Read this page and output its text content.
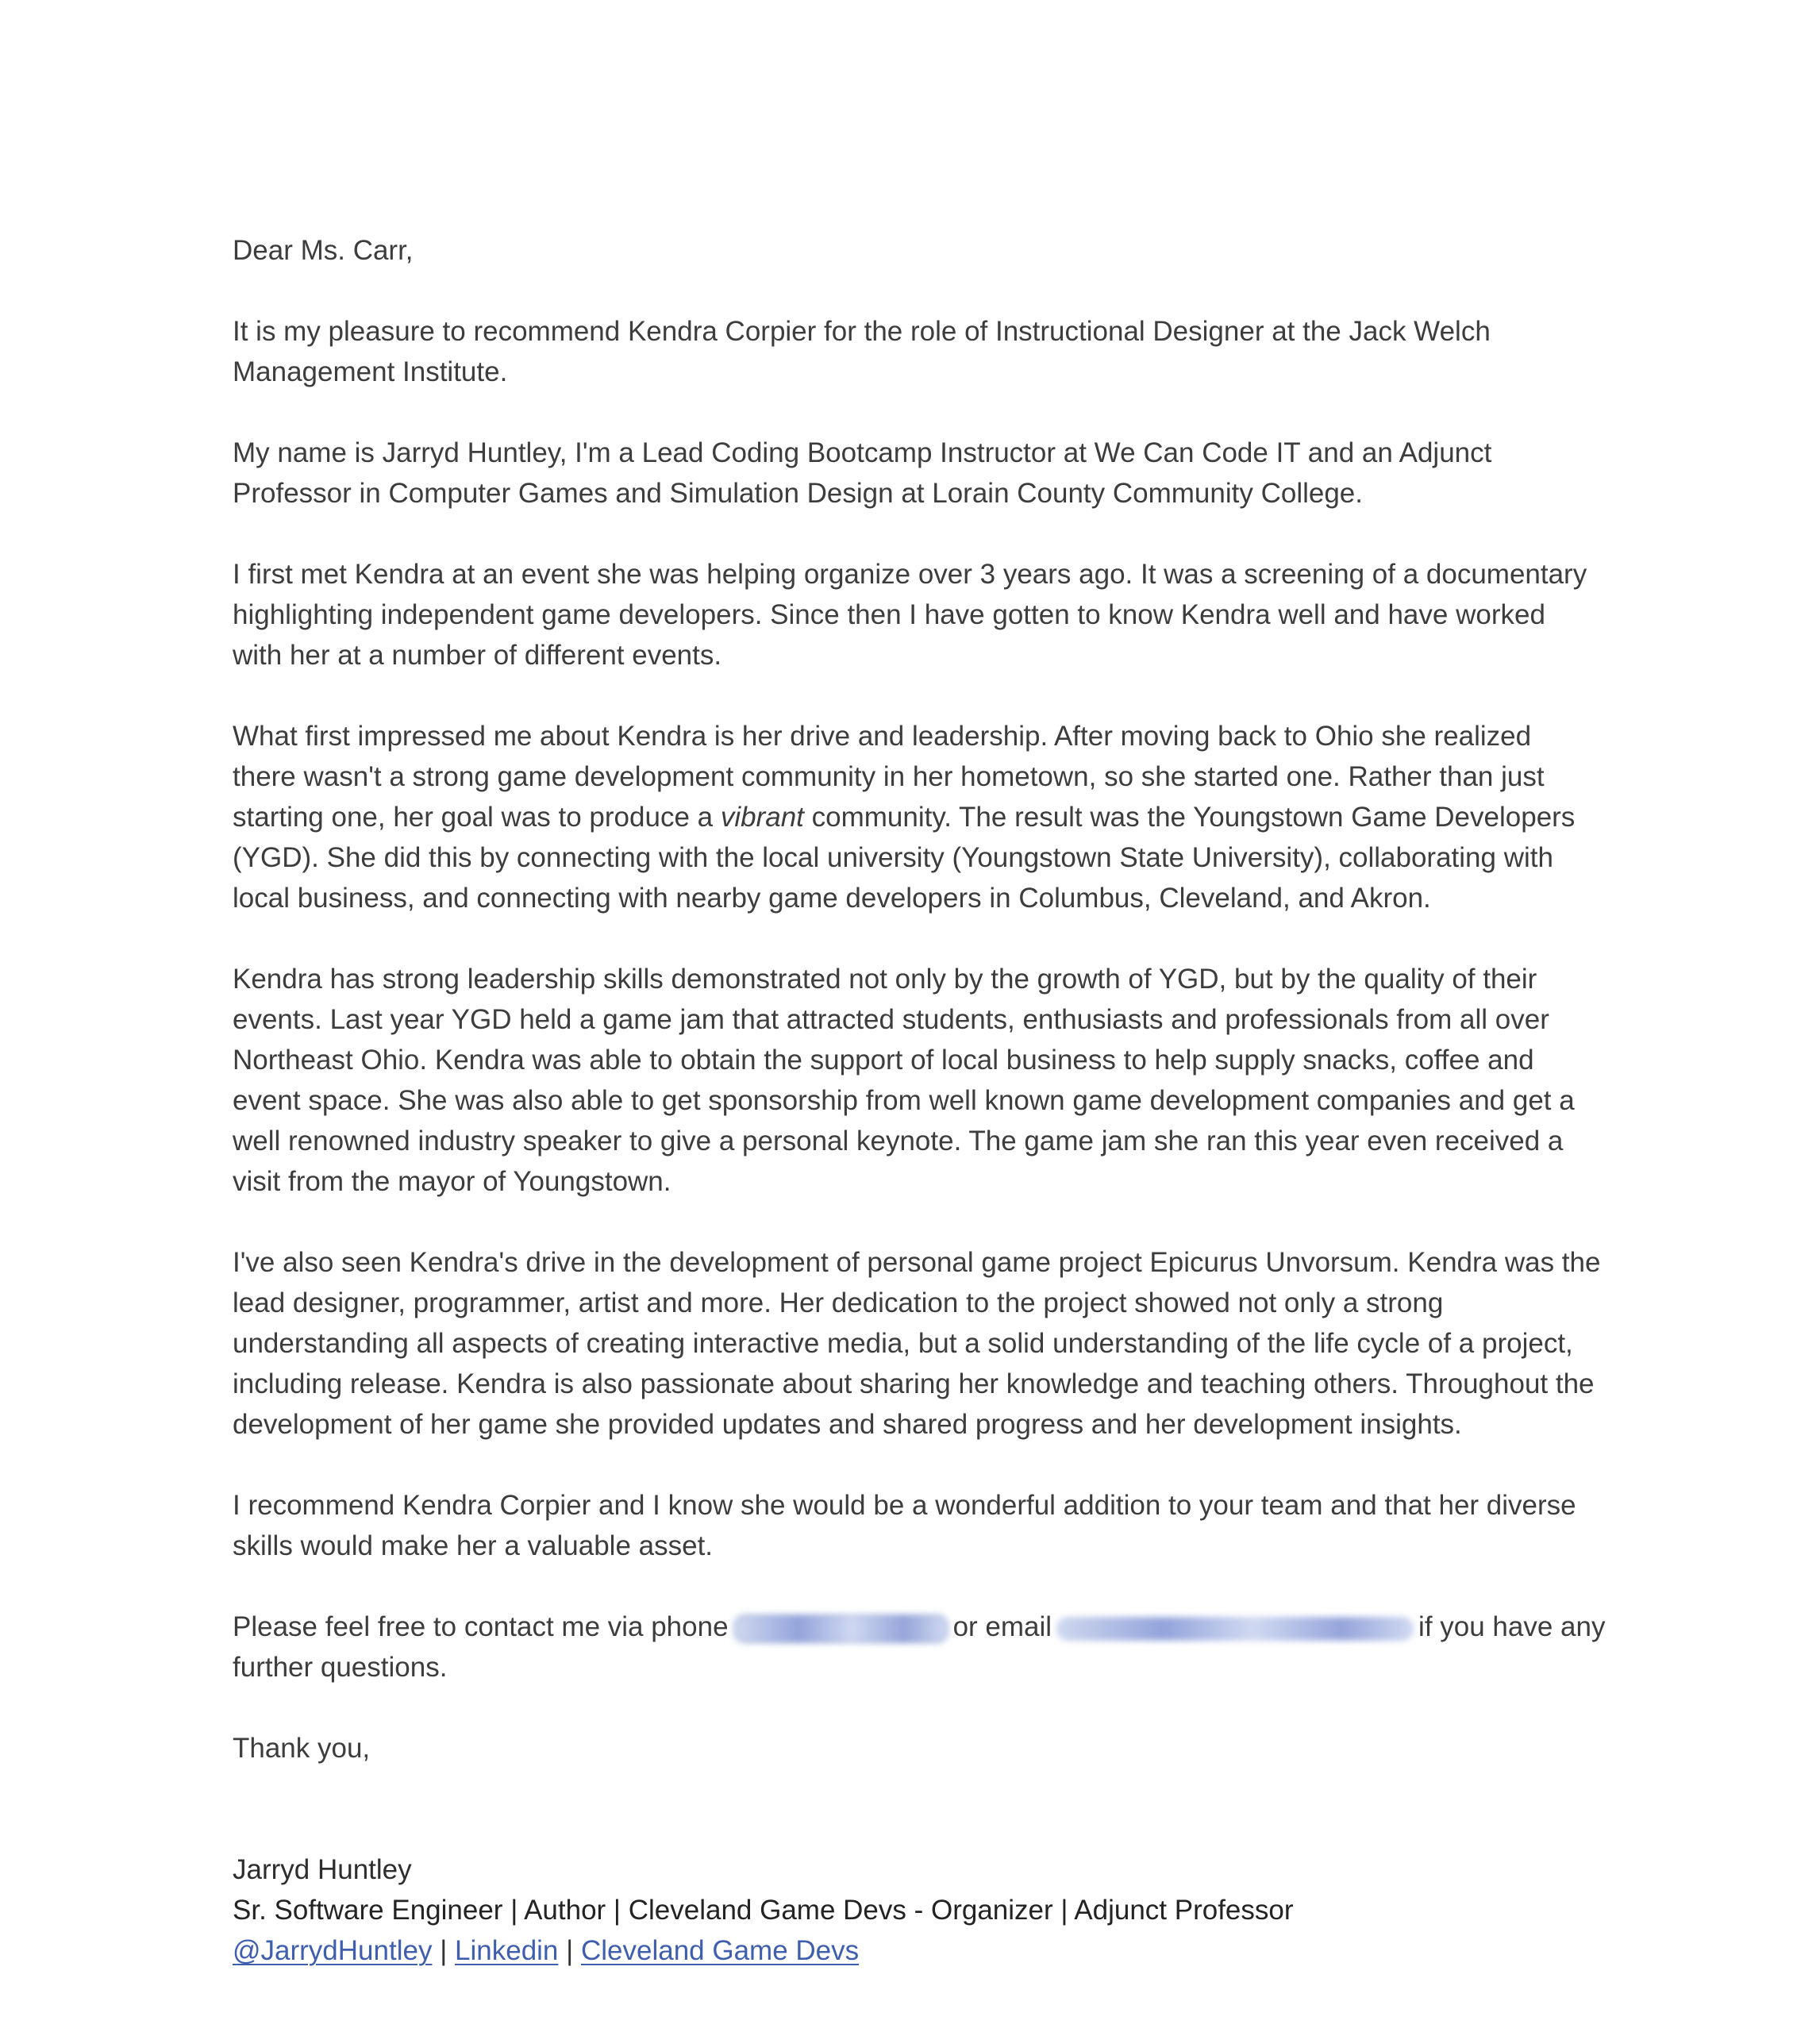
Dear Ms. Carr,

It is my pleasure to recommend Kendra Corpier for the role of Instructional Designer at the Jack Welch
Management Institute.

My name is Jarryd Huntley, I'm a Lead Coding Bootcamp Instructor at We Can Code IT and an Adjunct
Professor in Computer Games and Simulation Design at Lorain County Community College.

I first met Kendra at an event she was helping organize over 3 years ago. It was a screening of a documentary
highlighting independent game developers. Since then I have gotten to know Kendra well and have worked
with her at a number of different events.

What first impressed me about Kendra is her drive and leadership. After moving back to Ohio she realized
there wasn't a strong game development community in her hometown, so she started one. Rather than just
starting one, her goal was to produce a vibrant community. The result was the Youngstown Game Developers
(YGD). She did this by connecting with the local university (Youngstown State University), collaborating with
local business, and connecting with nearby game developers in Columbus, Cleveland, and Akron.

Kendra has strong leadership skills demonstrated not only by the growth of YGD, but by the quality of their
events. Last year YGD held a game jam that attracted students, enthusiasts and professionals from all over
Northeast Ohio. Kendra was able to obtain the support of local business to help supply snacks, coffee and
event space. She was also able to get sponsorship from well known game development companies and get a
well renowned industry speaker to give a personal keynote. The game jam she ran this year even received a
visit from the mayor of Youngstown.

I've also seen Kendra's drive in the development of personal game project Epicurus Unvorsum. Kendra was the
lead designer, programmer, artist and more. Her dedication to the project showed not only a strong
understanding all aspects of creating interactive media, but a solid understanding of the life cycle of a project,
including release. Kendra is also passionate about sharing her knowledge and teaching others. Throughout the
development of her game she provided updates and shared progress and her development insights.

I recommend Kendra Corpier and I know she would be a wonderful addition to your team and that her diverse
skills would make her a valuable asset.

Please feel free to contact me via phone	or email	if you have any
further questions.

Thank you,

Jarryd Huntley
Sr. Software Engineer | Author | Cleveland Game Devs - Organizer | Adjunct Professor
@JarrydHuntley | Linkedin | Cleveland Game Devs
